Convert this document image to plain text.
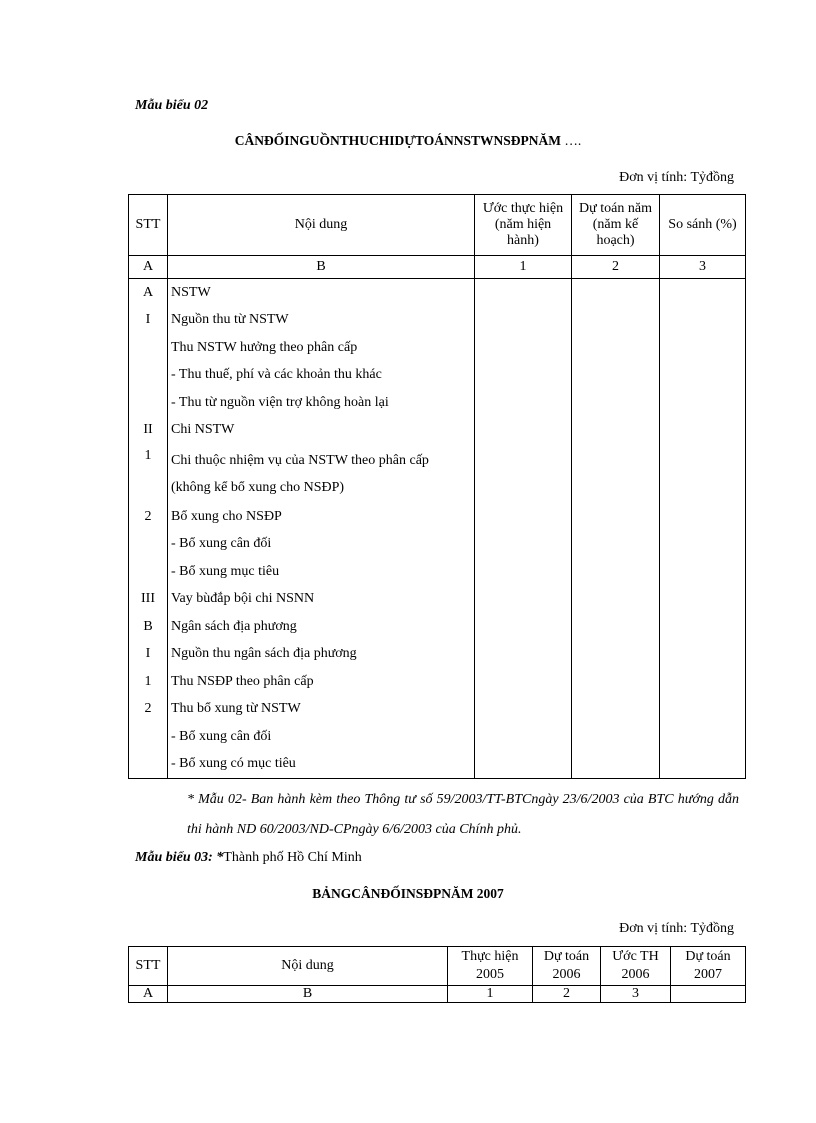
Mẫu biểu 02
CÂNĐỐINGUỒNTHUCHIDỰTOÁNNSTWNSĐPNĂM ….
Đơn vị tính: Tỷđồng
STT	Nội dung	Ước thực hiện (năm hiện hành)	Dự toán năm (năm kế hoạch)	So sánh (%)
A	B	1	2	3
A	NSTW			
I	Nguồn thu từ NSTW			
	Thu NSTW hưởng theo phân cấp			
	- Thu thuế, phí và các khoản thu khác			
	- Thu từ nguồn viện trợ không hoàn lại			
II	Chi NSTW			
1	Chi thuộc nhiệm vụ của NSTW theo phân cấp (không kể bổ xung cho NSĐP)			
2	Bổ xung cho NSĐP			
	- Bổ xung cân đối			
	- Bổ xung mục tiêu			
III	Vay bùđắp bội chi NSNN			
B	Ngân sách địa phương			
I	Nguồn thu ngân sách địa phương			
1	Thu NSĐP theo phân cấp			
2	Thu bổ xung từ NSTW			
	- Bổ xung cân đối			
	- Bổ xung có mục tiêu			
* Mẫu 02- Ban hành kèm theo Thông tư số 59/2003/TT-BTCngày 23/6/2003 của BTC hướng dẫn thi hành ND 60/2003/ND-CPngày 6/6/2003 của Chính phủ.
Mẫu biểu 03: *Thành phố Hồ Chí Minh
BẢNGCÂNĐỐINSĐPNĂM 2007
Đơn vị tính: Tỷđồng
STT	Nội dung	Thực hiện 2005	Dự toán 2006	Ước TH 2006	Dự toán 2007
A	B	1	2	3	
